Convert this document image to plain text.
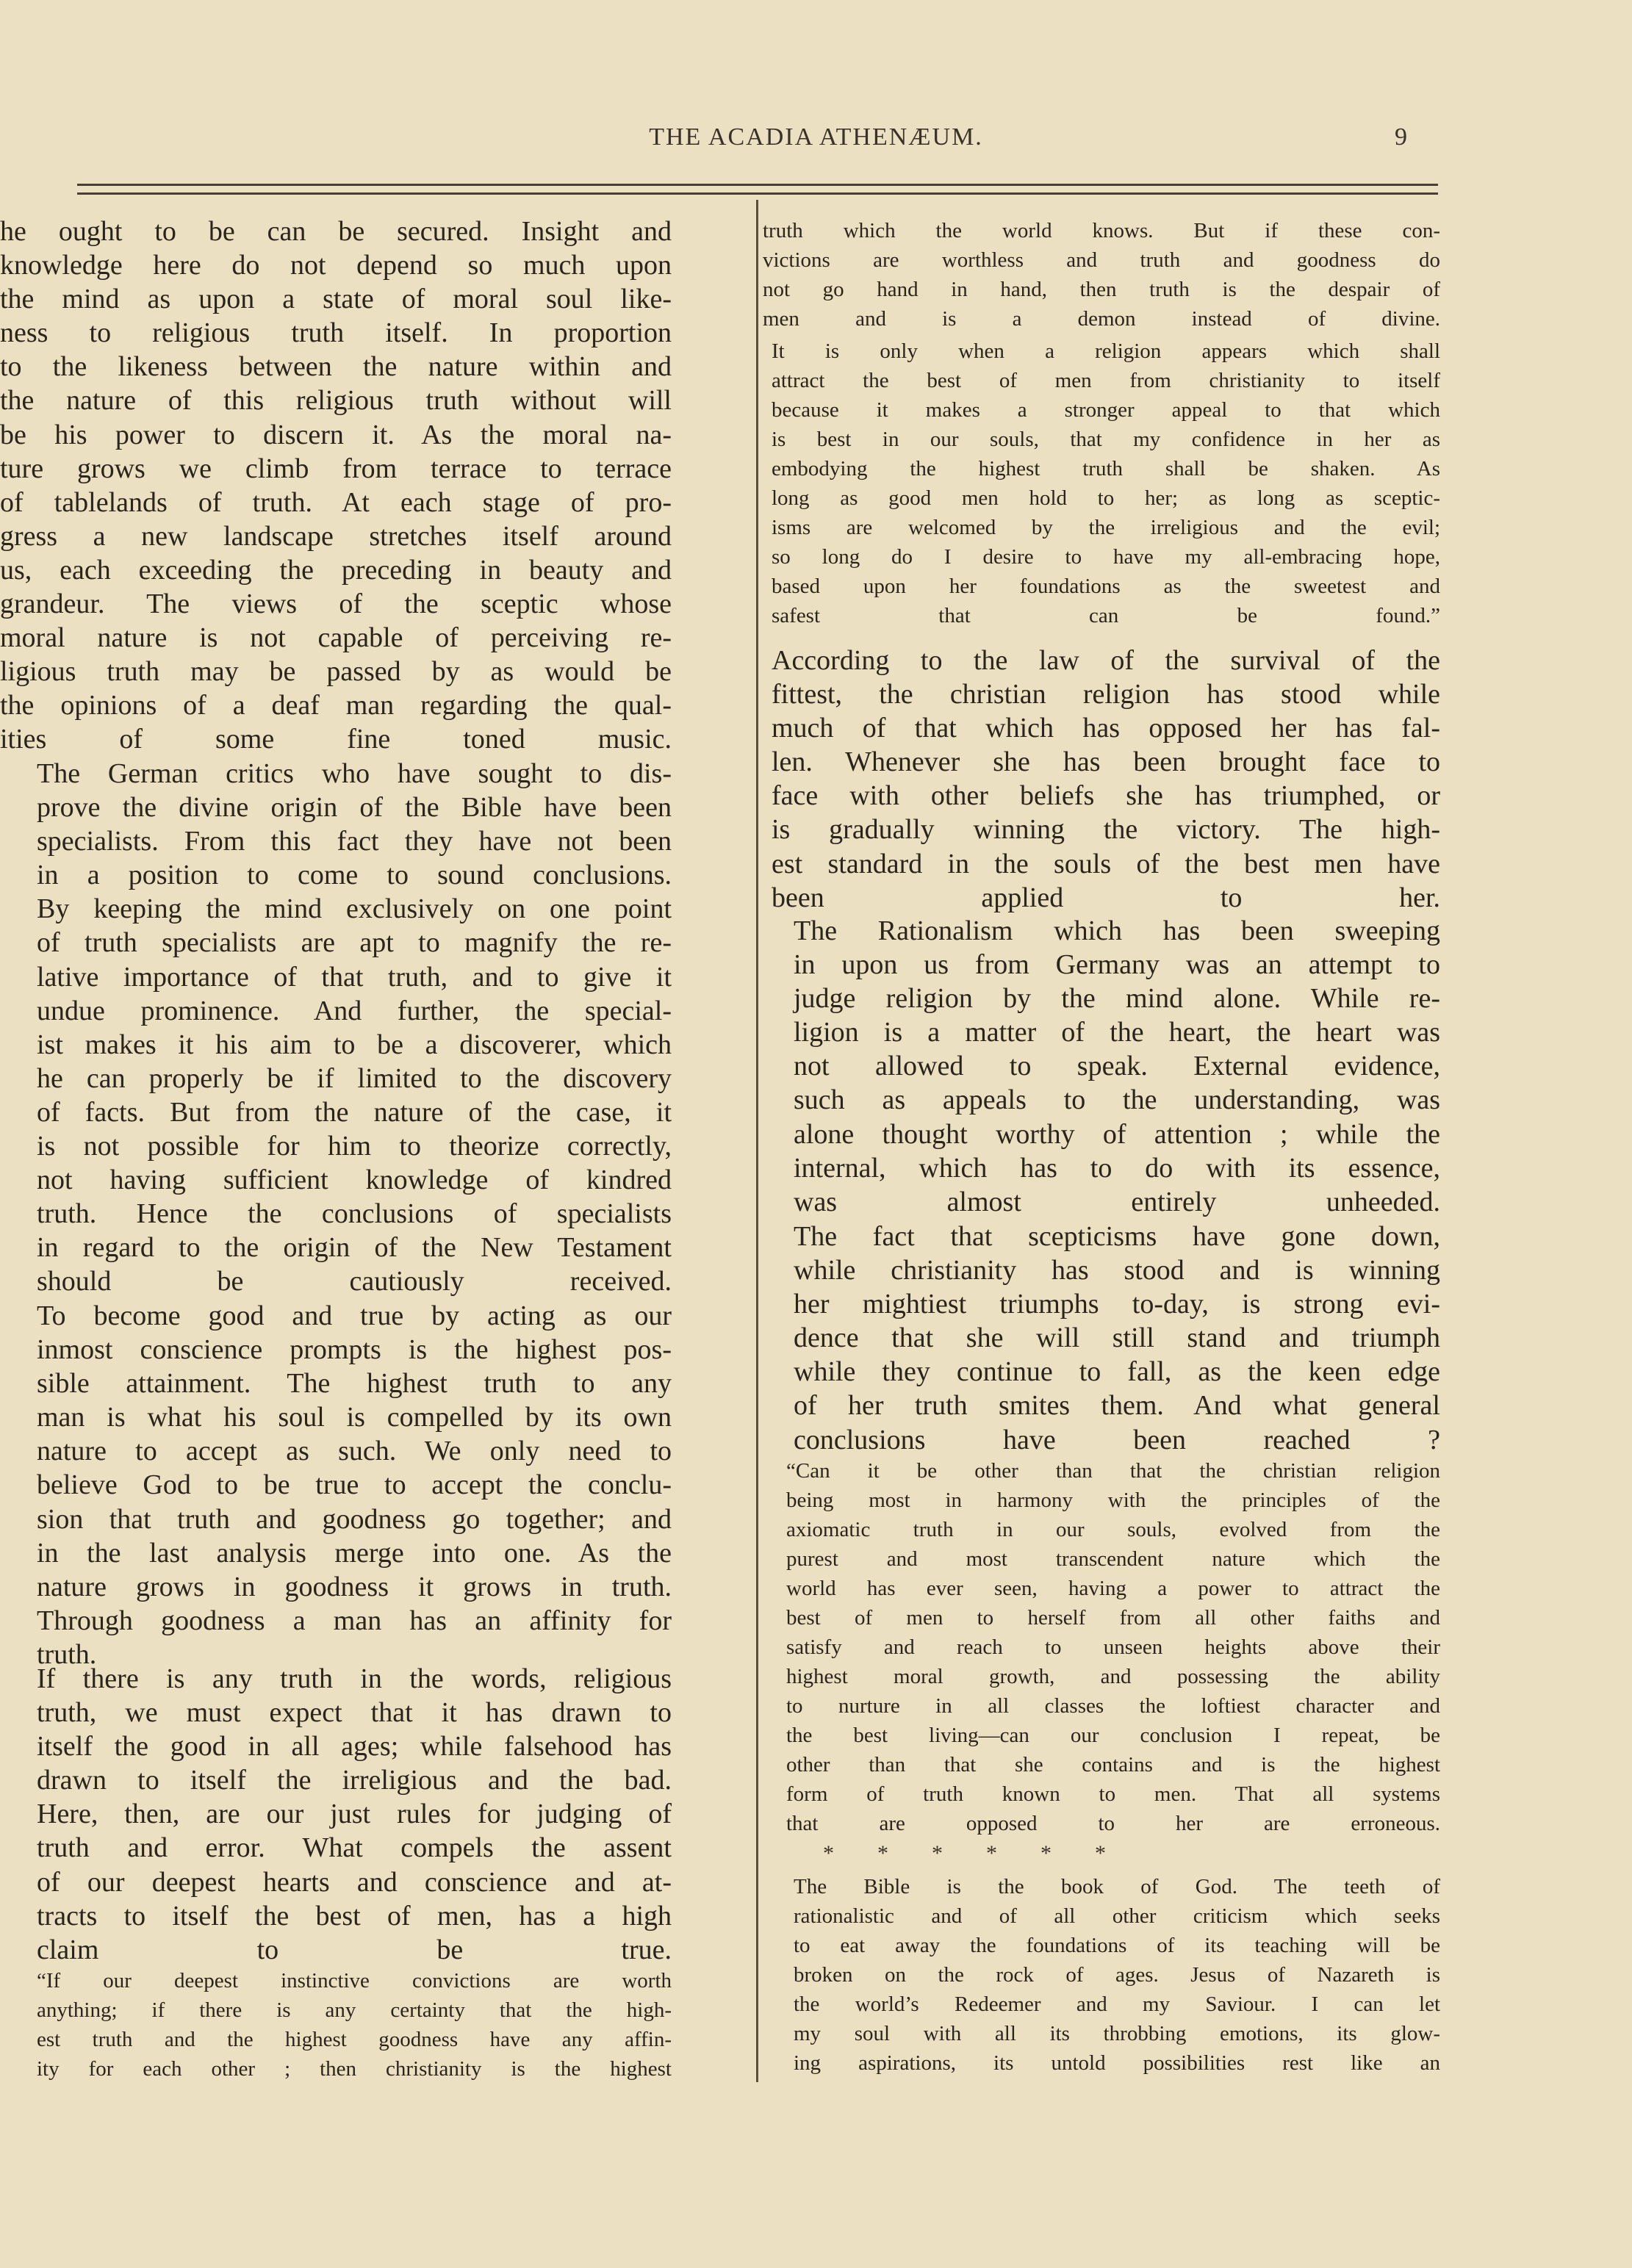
THE ACADIA ATHENÆUM.	9
he ought to be can be secured. Insight and
knowledge here do not depend so much upon
the mind as upon a state of moral soul like-
ness to religious truth itself. In proportion
to the likeness between the nature within and
the nature of this religious truth without will
be his power to discern it. As the moral na-
ture grows we climb from terrace to terrace
of tablelands of truth. At each stage of pro-
gress a new landscape stretches itself around
us, each exceeding the preceding in beauty and
grandeur. The views of the sceptic whose
moral nature is not capable of perceiving re-
ligious truth may be passed by as would be
the opinions of a deaf man regarding the qual-
ities of some fine toned music.
The German critics who have sought to dis-
prove the divine origin of the Bible have been
specialists. From this fact they have not been
in a position to come to sound conclusions.
By keeping the mind exclusively on one point
of truth specialists are apt to magnify the re-
lative importance of that truth, and to give it
undue prominence. And further, the special-
ist makes it his aim to be a discoverer, which
he can properly be if limited to the discovery
of facts. But from the nature of the case, it
is not possible for him to theorize correctly,
not having sufficient knowledge of kindred
truth. Hence the conclusions of specialists
in regard to the origin of the New Testament
should be cautiously received.
To become good and true by acting as our
inmost conscience prompts is the highest pos-
sible attainment. The highest truth to any
man is what his soul is compelled by its own
nature to accept as such. We only need to
believe God to be true to accept the conclu-
sion that truth and goodness go together; and
in the last analysis merge into one. As the
nature grows in goodness it grows in truth.
Through goodness a man has an affinity for
truth.
If there is any truth in the words, religious
truth, we must expect that it has drawn to
itself the good in all ages; while falsehood has
drawn to itself the irreligious and the bad.
Here, then, are our just rules for judging of
truth and error. What compels the assent
of our deepest hearts and conscience and at-
tracts to itself the best of men, has a high
claim to be true.
“If our deepest instinctive convictions are worth
anything; if there is any certainty that the high-
est truth and the highest goodness have any affin-
ity for each other ; then christianity is the highest
truth which the world knows. But if these con-
victions are worthless and truth and goodness do
not go hand in hand, then truth is the despair of
men and is a demon instead of divine.
It is only when a religion appears which shall
attract the best of men from christianity to itself
because it makes a stronger appeal to that which
is best in our souls, that my confidence in her as
embodying the highest truth shall be shaken. As
long as good men hold to her; as long as sceptic-
isms are welcomed by the irreligious and the evil;
so long do I desire to have my all-embracing hope,
based upon her foundations as the sweetest and
safest that can be found.”
According to the law of the survival of the
fittest, the christian religion has stood while
much of that which has opposed her has fal-
len. Whenever she has been brought face to
face with other beliefs she has triumphed, or
is gradually winning the victory. The high-
est standard in the souls of the best men have
been applied to her.
The Rationalism which has been sweeping
in upon us from Germany was an attempt to
judge religion by the mind alone. While re-
ligion is a matter of the heart, the heart was
not allowed to speak. External evidence,
such as appeals to the understanding, was
alone thought worthy of attention ; while the
internal, which has to do with its essence,
was almost entirely unheeded.
The fact that scepticisms have gone down,
while christianity has stood and is winning
her mightiest triumphs to-day, is strong evi-
dence that she will still stand and triumph
while they continue to fall, as the keen edge
of her truth smites them. And what general
conclusions have been reached ?
“Can it be other than that the christian religion
being most in harmony with the principles of the
axiomatic truth in our souls, evolved from the
purest and most transcendent nature which the
world has ever seen, having a power to attract the
best of men to herself from all other faiths and
satisfy and reach to unseen heights above their
highest moral growth, and possessing the ability
to nurture in all classes the loftiest character and
the best living—can our conclusion I repeat, be
other than that she contains and is the highest
form of truth known to men. That all systems
that are opposed to her are erroneous.
*      *      *      *      *      *
The Bible is the book of God. The teeth of
rationalistic and of all other criticism which seeks
to eat away the foundations of its teaching will be
broken on the rock of ages. Jesus of Nazareth is
the world’s Redeemer and my Saviour. I can let
my soul with all its throbbing emotions, its glow-
ing aspirations, its untold possibilities rest like an
